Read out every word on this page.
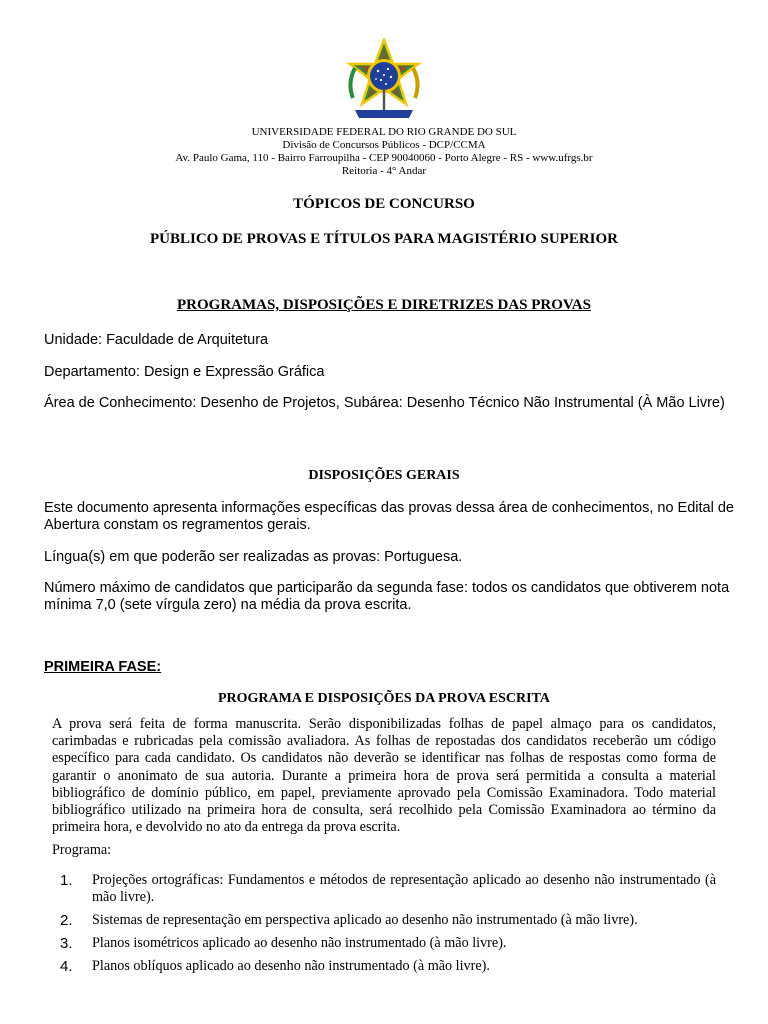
UNIVERSIDADE FEDERAL DO RIO GRANDE DO SUL
Divisão de Concursos Públicos - DCP/CCMA
Av. Paulo Gama, 110 - Bairro Farroupilha - CEP 90040060 - Porto Alegre - RS - www.ufrgs.br
Reitoria - 4° Andar
TÓPICOS DE CONCURSO
PÚBLICO DE PROVAS E TÍTULOS PARA MAGISTÉRIO SUPERIOR
PROGRAMAS, DISPOSIÇÕES E DIRETRIZES DAS PROVAS
Unidade: Faculdade de Arquitetura
Departamento: Design e Expressão Gráfica
Área de Conhecimento: Desenho de Projetos, Subárea: Desenho Técnico Não Instrumental (À Mão Livre)
DISPOSIÇÕES GERAIS
Este documento apresenta informações específicas das provas dessa área de conhecimentos, no Edital de Abertura constam os regramentos gerais.
Língua(s) em que poderão ser realizadas as provas: Portuguesa.
Número máximo de candidatos que participarão da segunda fase: todos os candidatos que obtiverem nota mínima 7,0 (sete vírgula zero) na média da prova escrita.
PRIMEIRA FASE:
PROGRAMA E DISPOSIÇÕES DA PROVA ESCRITA
A prova será feita de forma manuscrita. Serão disponibilizadas folhas de papel almaço para os candidatos, carimbadas e rubricadas pela comissão avaliadora. As folhas de repostadas dos candidatos receberão um código específico para cada candidato. Os candidatos não deverão se identificar nas folhas de respostas como forma de garantir o anonimato de sua autoria. Durante a primeira hora de prova será permitida a consulta a material bibliográfico de domínio público, em papel, previamente aprovado pela Comissão Examinadora. Todo material bibliográfico utilizado na primeira hora de consulta, será recolhido pela Comissão Examinadora ao término da primeira hora, e devolvido no ato da entrega da prova escrita.
Programa:
1. Projeções ortográficas: Fundamentos e métodos de representação aplicado ao desenho não instrumentado (à mão livre).
2. Sistemas de representação em perspectiva aplicado ao desenho não instrumentado (à mão livre).
3. Planos isométricos aplicado ao desenho não instrumentado (à mão livre).
4. Planos oblíquos aplicado ao desenho não instrumentado (à mão livre).
